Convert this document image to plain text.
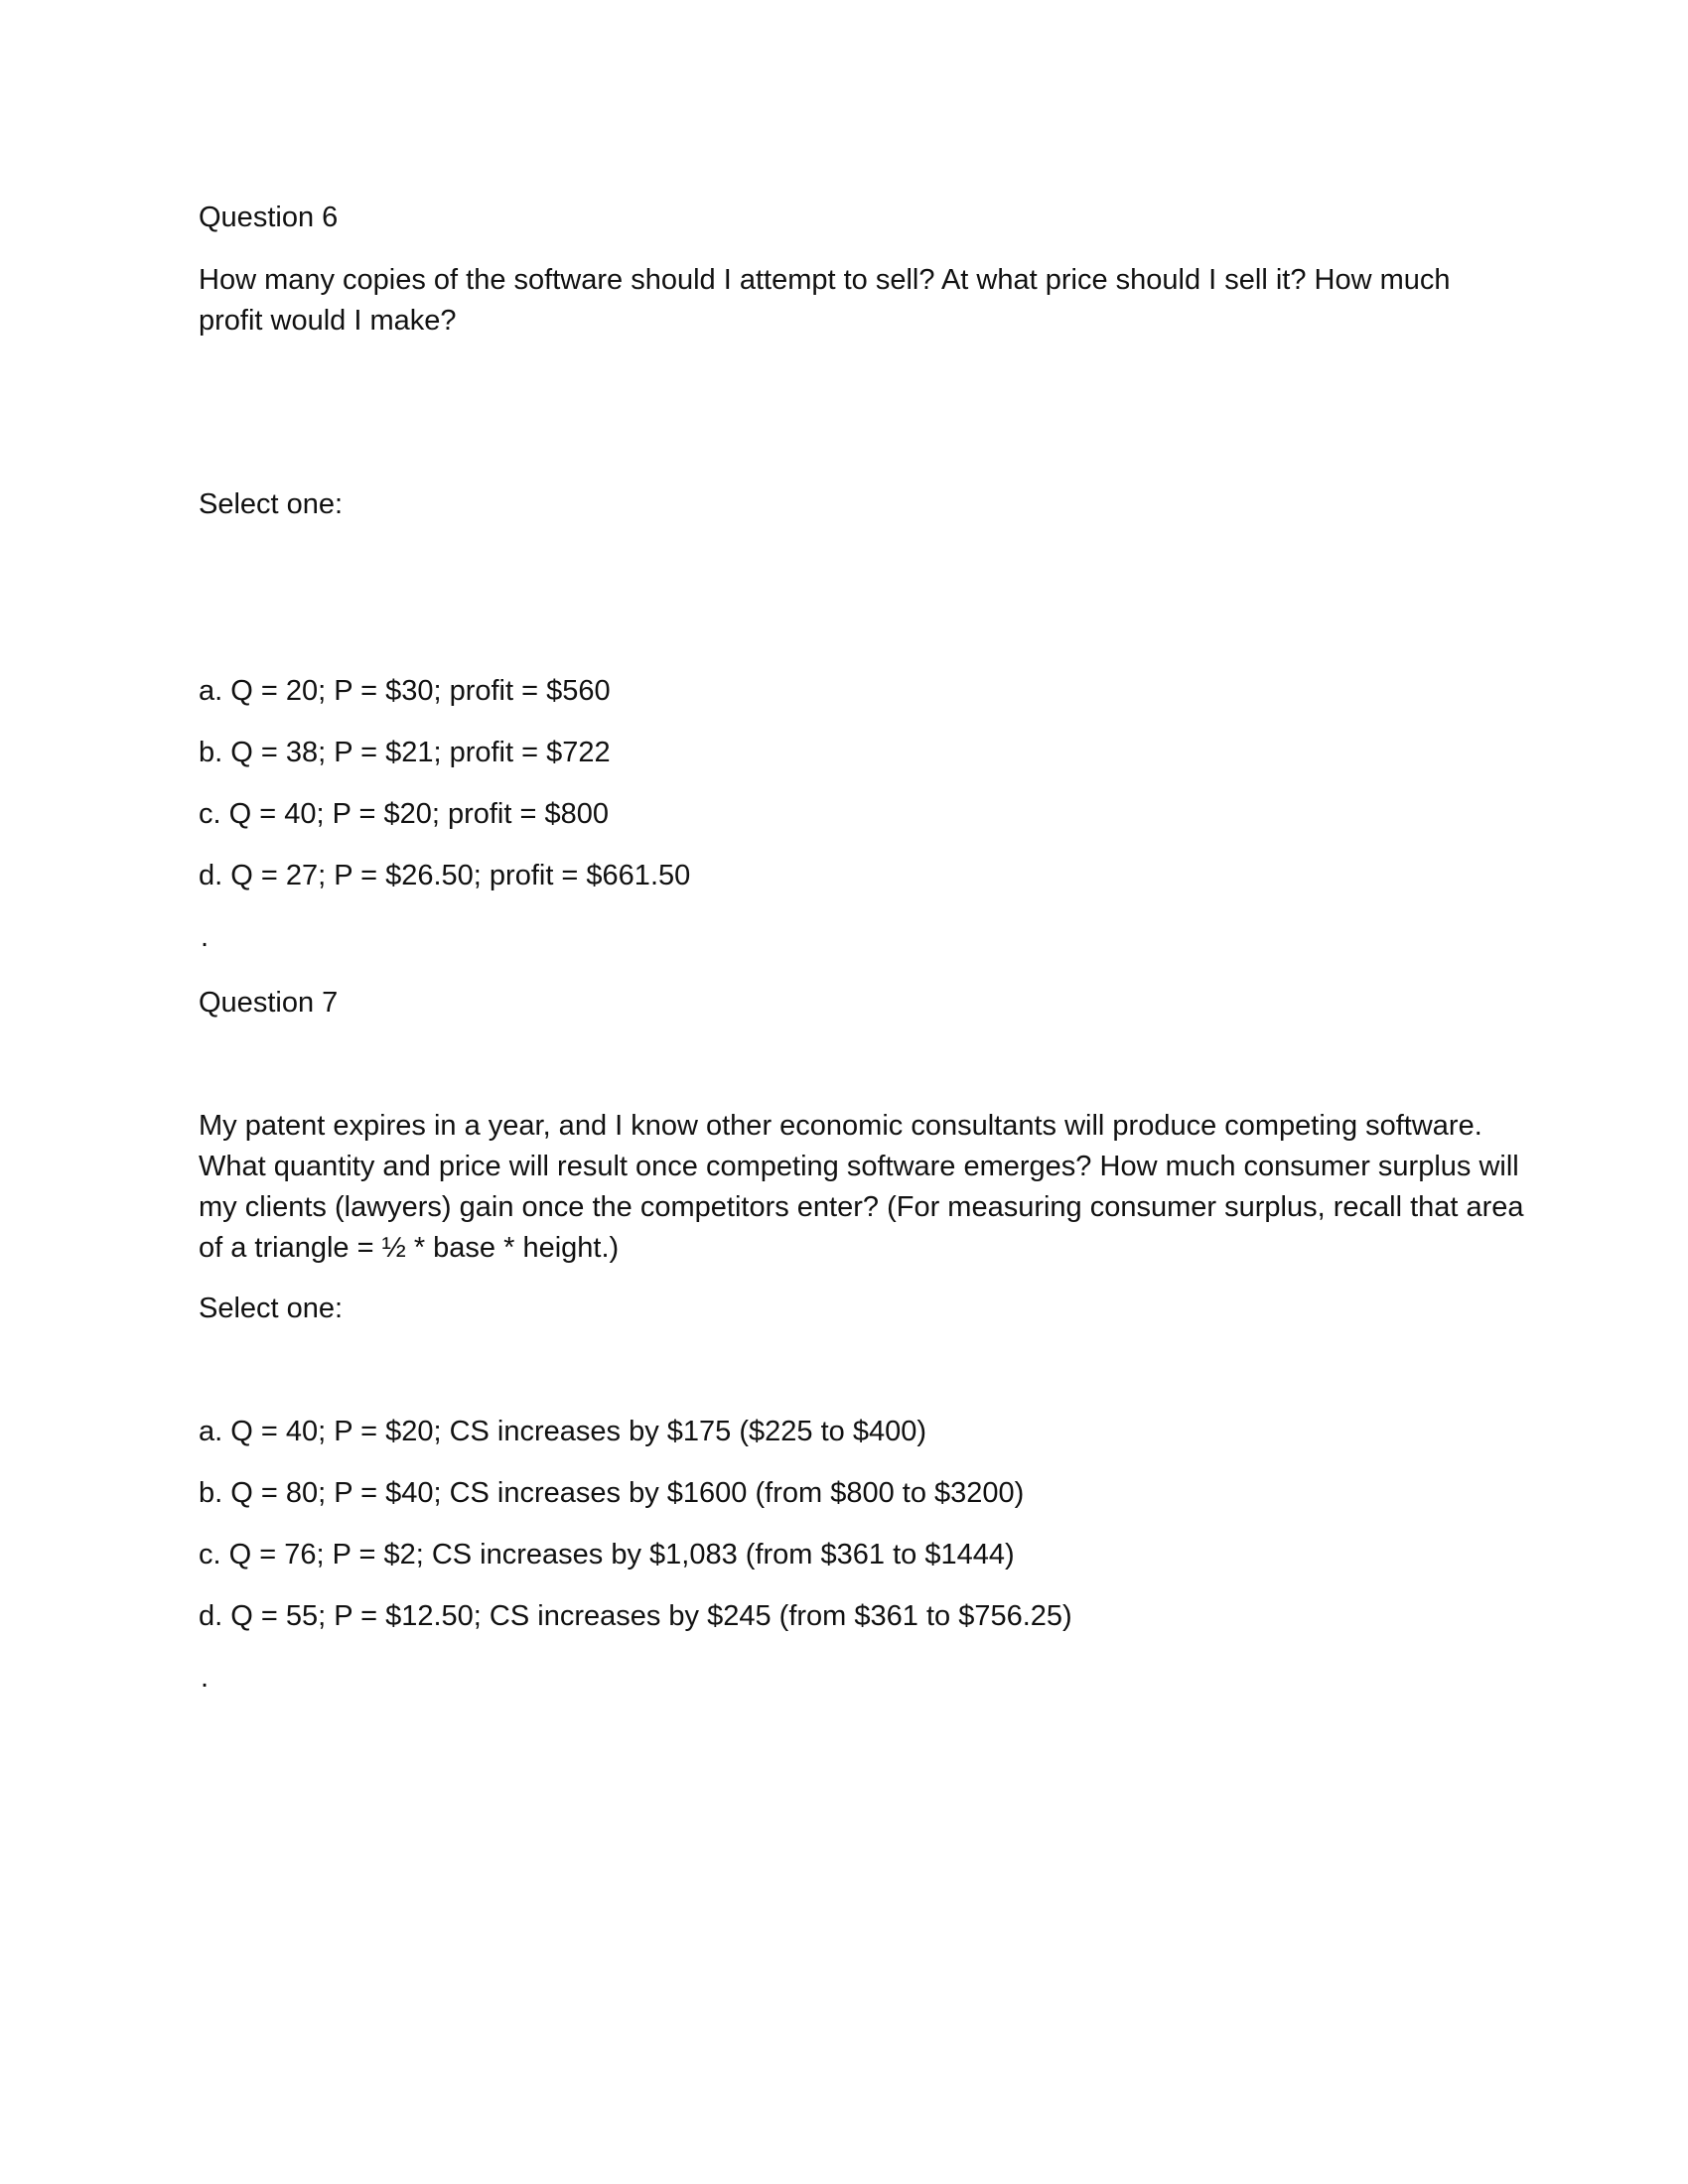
Question 6

How many copies of the software should I attempt to sell? At what price should I sell it? How much

profit would I make?

Select one:
a. Q = 20; P = $30; profit = $560
b. Q = 38; P = $21; profit = $722
c. Q = 40; P = $20; profit = $800
d. Q = 27; P = $26.50; profit = $661.50
.
Question 7

My patent expires in a year, and I know other economic consultants will produce competing software.

What quantity and price will result once competing software emerges? How much consumer surplus will

my clients (lawyers) gain once the competitors enter? (For measuring consumer surplus, recall that area

of a triangle = ½ * base * height.)

Select one:
a. Q = 40; P = $20; CS increases by $175 ($225 to $400)
b. Q = 80; P = $40; CS increases by $1600 (from $800 to $3200)
c. Q = 76; P = $2; CS increases by $1,083 (from $361 to $1444)
d. Q = 55; P = $12.50; CS increases by $245 (from $361 to $756.25)
.
